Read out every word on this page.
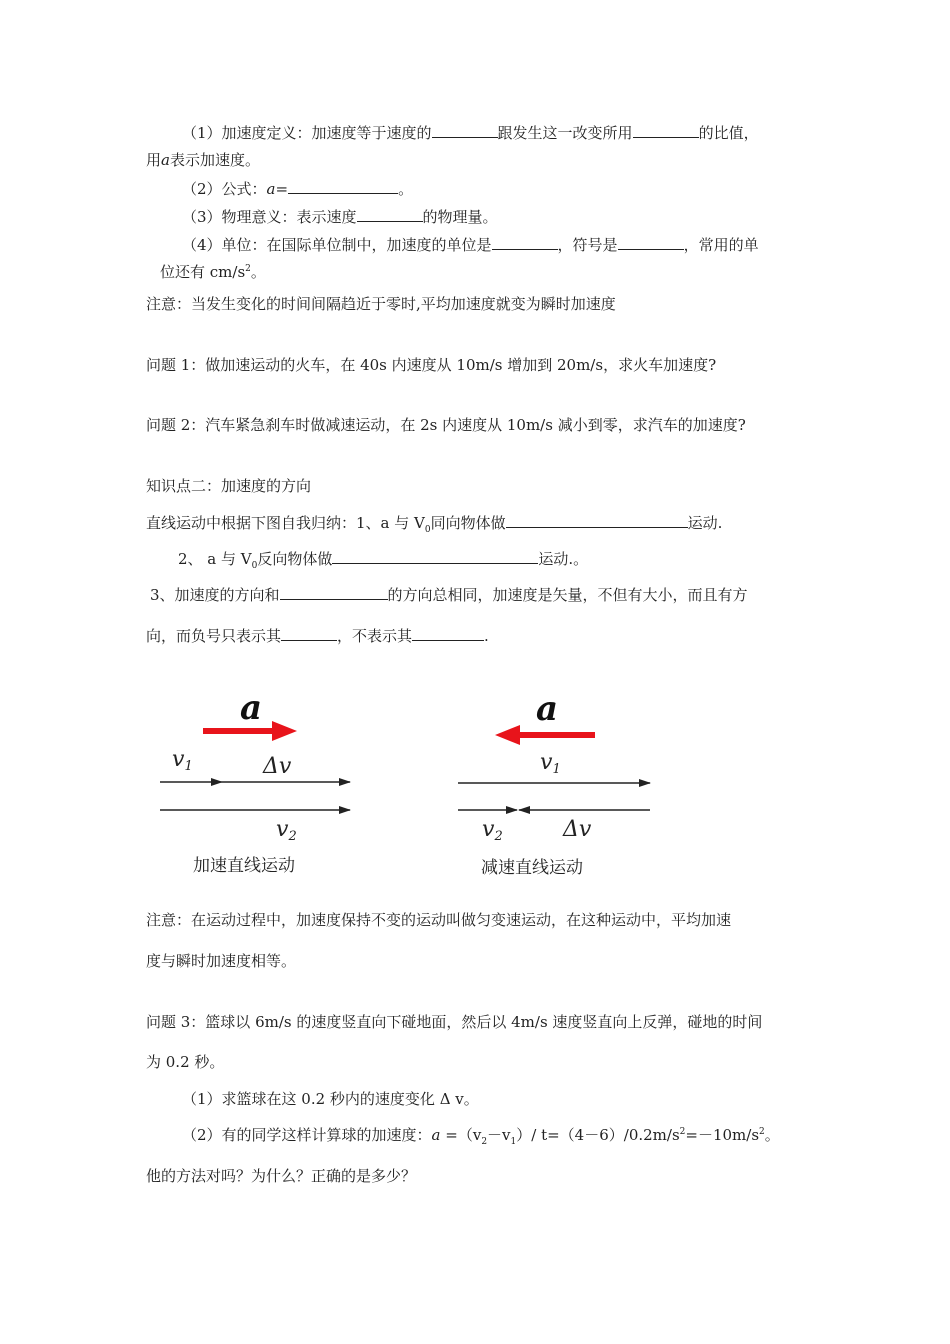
（1）加速度定义：加速度等于速度的	跟发生这一改变所用	的比值，
用a表示加速度。
（2）公式：a=	。
（3）物理意义：表示速度	的物理量。
（4）单位：在国际单位制中，加速度的单位是	，符号是	，常用的单
位还有 $cm/s^2$。
注意：当发生变化的时间间隔趋近于零时,平均加速度就变为瞬时加速度
问题 1：做加速运动的火车，在 40s 内速度从 10m/s 增加到 20m/s，求火车加速度?
问题 2：汽车紧急刹车时做减速运动，在 2s 内速度从 10m/s 减小到零，求汽车的加速度?
知识点二：加速度的方向
直线运动中根据下图自我归纳：1、a 与 $V_0$同向物体做	运动.
2、 a 与 $V_0$反向物体做	运动.。
3、加速度的方向和	的方向总相同，加速度是矢量，不但有大小，而且有方
向，而负号只表示其	，不表示其	.
a
v1	Δv
v2
加速直线运动
a
v1
v2	Δv
减速直线运动
注意：在运动过程中，加速度保持不变的运动叫做匀变速运动，在这种运动中，平均加速
度与瞬时加速度相等。
问题 3：篮球以 6m/s 的速度竖直向下碰地面，然后以 4m/s 速度竖直向上反弹，碰地的时间
为 0.2 秒。
（1）求篮球在这 0.2 秒内的速度变化 Δ v。
（2）有的同学这样计算球的加速度：$a =(v_2-v_1)/$ $t=(4-6)/0.2m/s^2=-10m/s^2$。
他的方法对吗？为什么？正确的是多少？
